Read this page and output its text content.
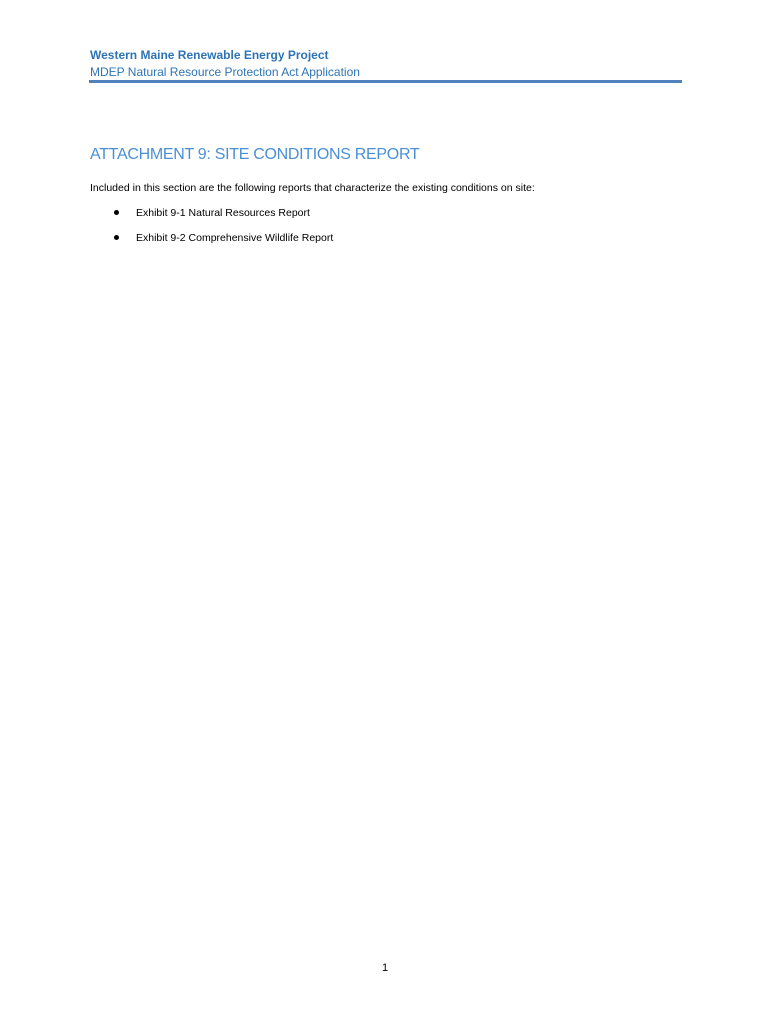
Western Maine Renewable Energy Project
MDEP Natural Resource Protection Act Application
ATTACHMENT 9: SITE CONDITIONS REPORT
Included in this section are the following reports that characterize the existing conditions on site:
Exhibit 9-1 Natural Resources Report
Exhibit 9-2 Comprehensive Wildlife Report
1
